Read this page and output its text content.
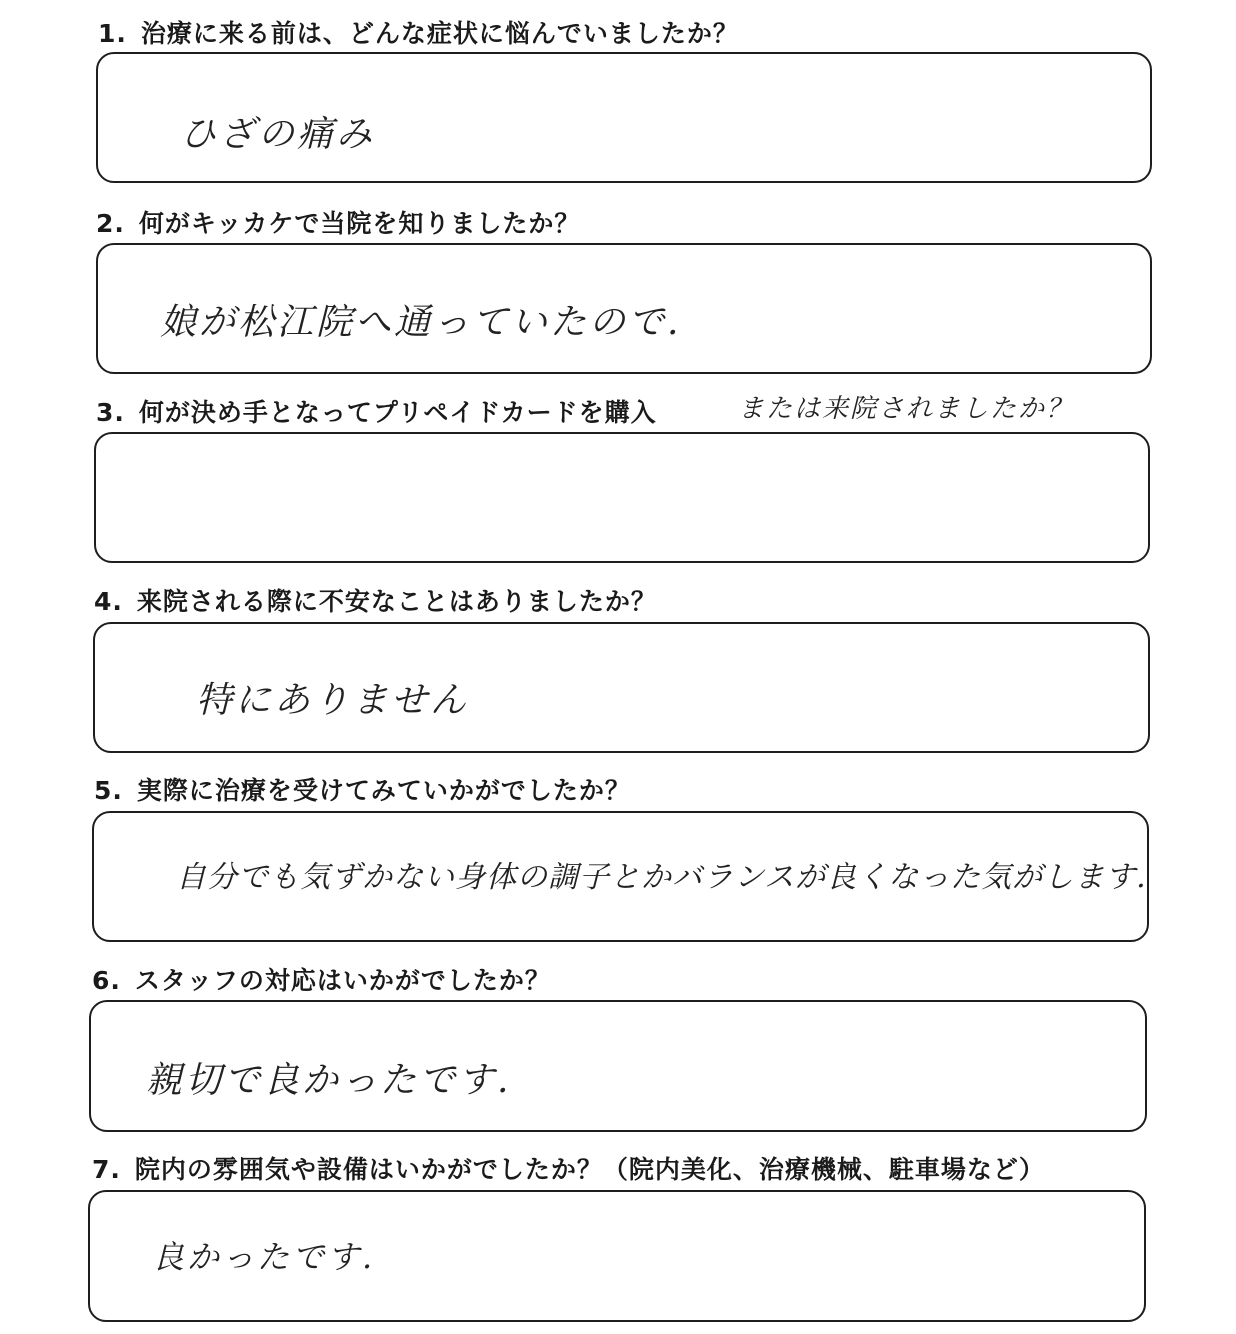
1. 治療に来る前は、どんな症状に悩んでいましたか？
ひざの痛み
2. 何がキッカケで当院を知りましたか？
娘が松江院へ通っていたので.
3. 何が決め手となってプリペイドカードを購入	または来院されましたか？
4. 来院される際に不安なことはありましたか？
特にありません
5. 実際に治療を受けてみていかがでしたか？
自分でも気ずかない身体の調子とかバランスが良くなった気がします.
6. スタッフの対応はいかがでしたか？
親切で良かったです.
7. 院内の雰囲気や設備はいかがでしたか？（院内美化、治療機械、駐車場など）
良かったです.
